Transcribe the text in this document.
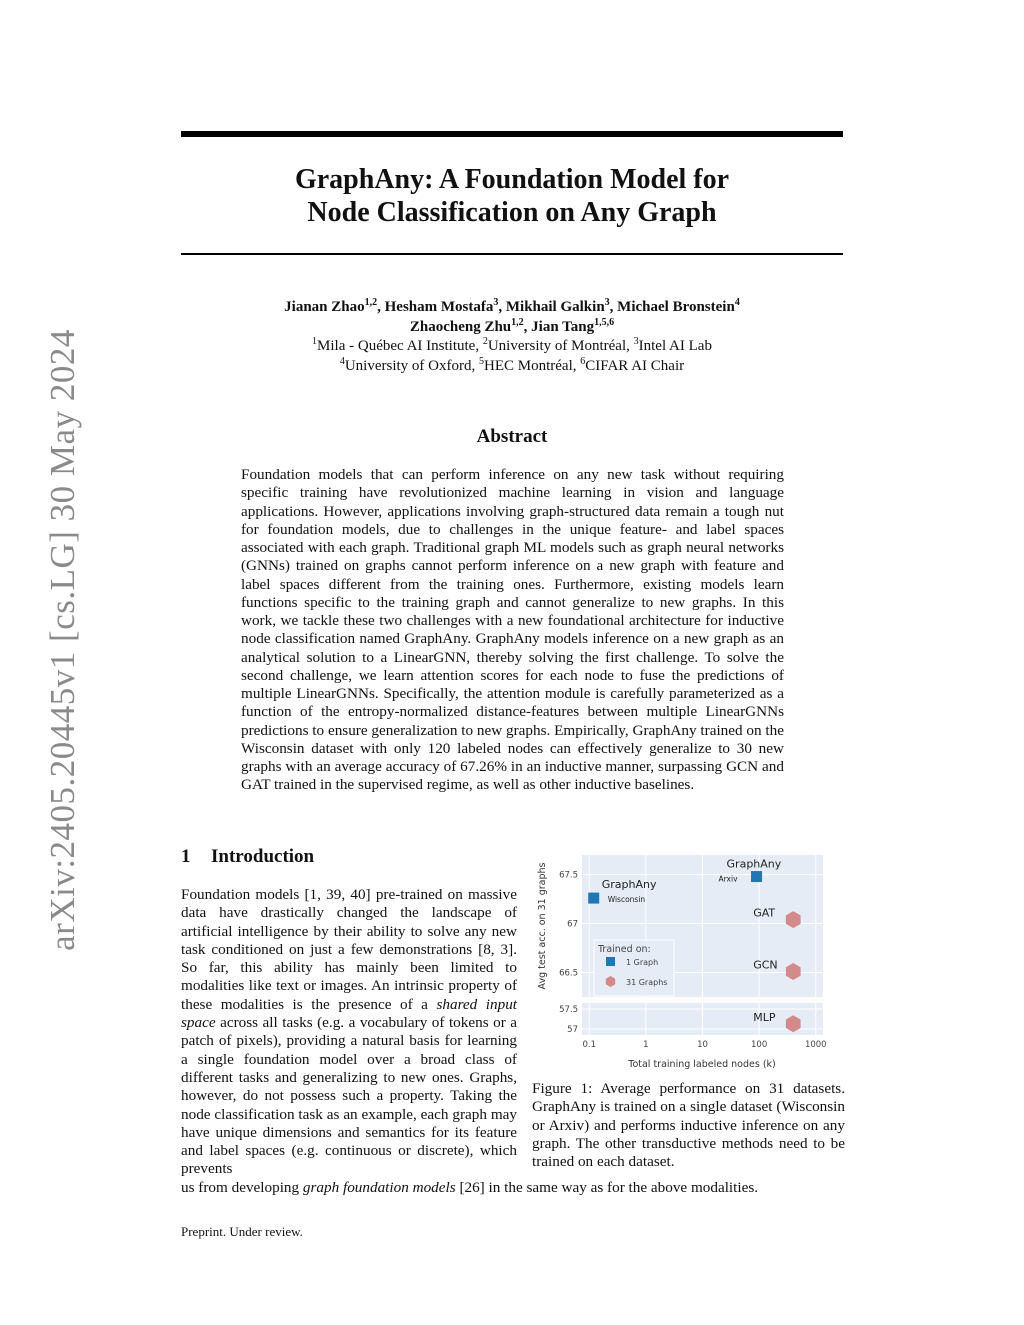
arXiv:2405.20445v1 [cs.LG] 30 May 2024
GraphAny: A Foundation Model for
Node Classification on Any Graph
Jianan Zhao$^{1,2}$, Hesham Mostafa$^3$, Mikhail Galkin$^3$, Michael Bronstein$^4$
Zhaocheng Zhu$^{1,2}$, Jian Tang$^{1,5,6}$
$^1$Mila - Québec AI Institute, $^2$University of Montréal, $^3$Intel AI Lab
$^4$University of Oxford, $^5$HEC Montréal, $^6$CIFAR AI Chair
Abstract
Foundation models that can perform inference on any new task without requiring specific training have revolutionized machine learning in vision and language applications. However, applications involving graph-structured data remain a tough nut for foundation models, due to challenges in the unique feature- and label spaces associated with each graph. Traditional graph ML models such as graph neural networks (GNNs) trained on graphs cannot perform inference on a new graph with feature and label spaces different from the training ones. Furthermore, existing models learn functions specific to the training graph and cannot generalize to new graphs. In this work, we tackle these two challenges with a new foundational architecture for inductive node classification named GraphAny. GraphAny models inference on a new graph as an analytical solution to a LinearGNN, thereby solving the first challenge. To solve the second challenge, we learn attention scores for each node to fuse the predictions of multiple LinearGNNs. Specifically, the attention module is carefully parameterized as a function of the entropy-normalized distance-features between multiple LinearGNNs predictions to ensure generalization to new graphs. Empirically, GraphAny trained on the Wisconsin dataset with only 120 labeled nodes can effectively generalize to 30 new graphs with an average accuracy of 67.26% in an inductive manner, surpassing GCN and GAT trained in the supervised regime, as well as other inductive baselines.
1 Introduction
Foundation models [1, 39, 40] pre-trained on massive data have drastically changed the landscape of artificial intelligence by their ability to solve any new task conditioned on just a few demonstrations [8, 3]. So far, this ability has mainly been limited to modalities like text or images. An intrinsic property of these modalities is the presence of a shared input space across all tasks (e.g. a vocabulary of tokens or a patch of pixels), providing a natural basis for learning a single foundation model over a broad class of different tasks and generalizing to new ones. Graphs, however, do not possess such a property. Taking the node classification task as an example, each graph may have unique dimensions and semantics for its feature and label spaces (e.g. continuous or discrete), which prevents
us from developing graph foundation models [26] in the same way as for the above modalities.
0.1	1	10	100	1000
67.5
67
66.5
57.5
57
GraphAny
Wisconsin
GraphAny
Arxiv
GAT
GCN
MLP
Trained on:
1 Graph
31 Graphs
Total training labeled nodes (k)
Avg test acc. on 31 graphs
Figure 1: Average performance on 31 datasets. GraphAny is trained on a single dataset (Wisconsin or Arxiv) and performs inductive inference on any graph. The other transductive methods need to be trained on each dataset.
Preprint. Under review.
